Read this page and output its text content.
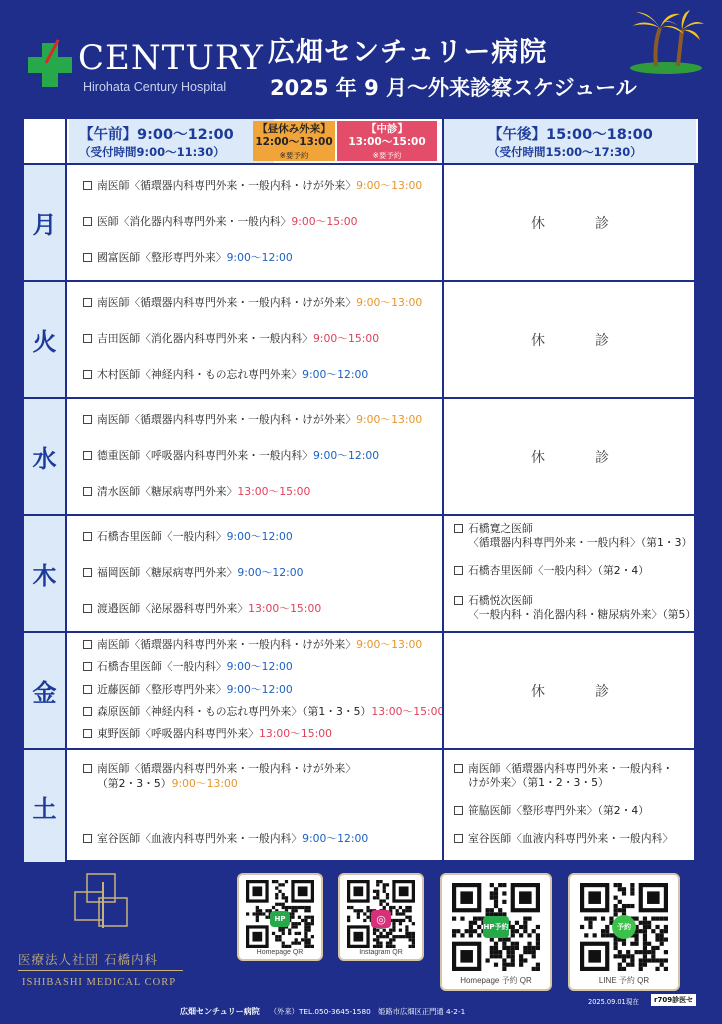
CENTURY
Hirohata Century Hospital
広畑センチュリー病院
2025 年 9 月〜外来診察スケジュール
【午前】9:00〜12:00
（受付時間9:00〜11:30）
【昼休み外来】
12:00〜13:00
※要予約
【中診】
13:00〜15:00
※要予約
【午後】15:00〜18:00
（受付時間15:00〜17:30）
月
南医師〈循環器内科専門外来・一般内科・けが外来〉9:00〜13:00
医師〈消化器内科専門外来・一般内科〉9:00〜15:00
國富医師〈整形専門外来〉9:00〜12:00
休　診
火
南医師〈循環器内科専門外来・一般内科・けが外来〉9:00〜13:00
吉田医師〈消化器内科専門外来・一般内科〉9:00〜15:00
木村医師〈神経内科・もの忘れ専門外来〉9:00〜12:00
休　診
水
南医師〈循環器内科専門外来・一般内科・けが外来〉9:00〜13:00
德重医師〈呼吸器内科専門外来・一般内科〉9:00〜12:00
清水医師〈糖尿病専門外来〉13:00〜15:00
休　診
木
石橋杏里医師〈一般内科〉9:00〜12:00
福岡医師〈糖尿病専門外来〉9:00〜12:00
渡邉医師〈泌尿器科専門外来〉13:00〜15:00
石橋寛之医師
〈循環器内科専門外来・一般内科〉（第1・3）
石橋杏里医師〈一般内科〉（第2・4）
石橋悦次医師
〈一般内科・消化器内科・糖尿病外来〉（第5）
金
南医師〈循環器内科専門外来・一般内科・けが外来〉9:00〜13:00
石橋杏里医師〈一般内科〉9:00〜12:00
近藤医師〈整形専門外来〉9:00〜12:00
森原医師〈神経内科・もの忘れ専門外来〉（第1・3・5）13:00〜15:00
東野医師〈呼吸器内科専門外来〉13:00〜15:00
休　診
土
南医師〈循環器内科専門外来・一般内科・けが外来〉
（第2・3・5）9:00〜13:00
室谷医師〈血液内科専門外来・一般内科〉9:00〜12:00
南医師〈循環器内科専門外来・一般内科・
けが外来〉（第1・2・3・5）
笹脇医師〈整形専門外来〉（第2・4）
室谷医師〈血液内科専門外来・一般内科〉
医療法人社団 石橋内科
ISHIBASHI MEDICAL CORP
HP
Homepage QR
◎
Instagram QR
HP予約
Homepage 予約 QR
予約
LINE 予約 QR
広畑センチュリー病院 （外来）TEL.050-3645-1580　姫路市広畑区正門通 4-2-1
2025.09.01現在	r709診医セ
